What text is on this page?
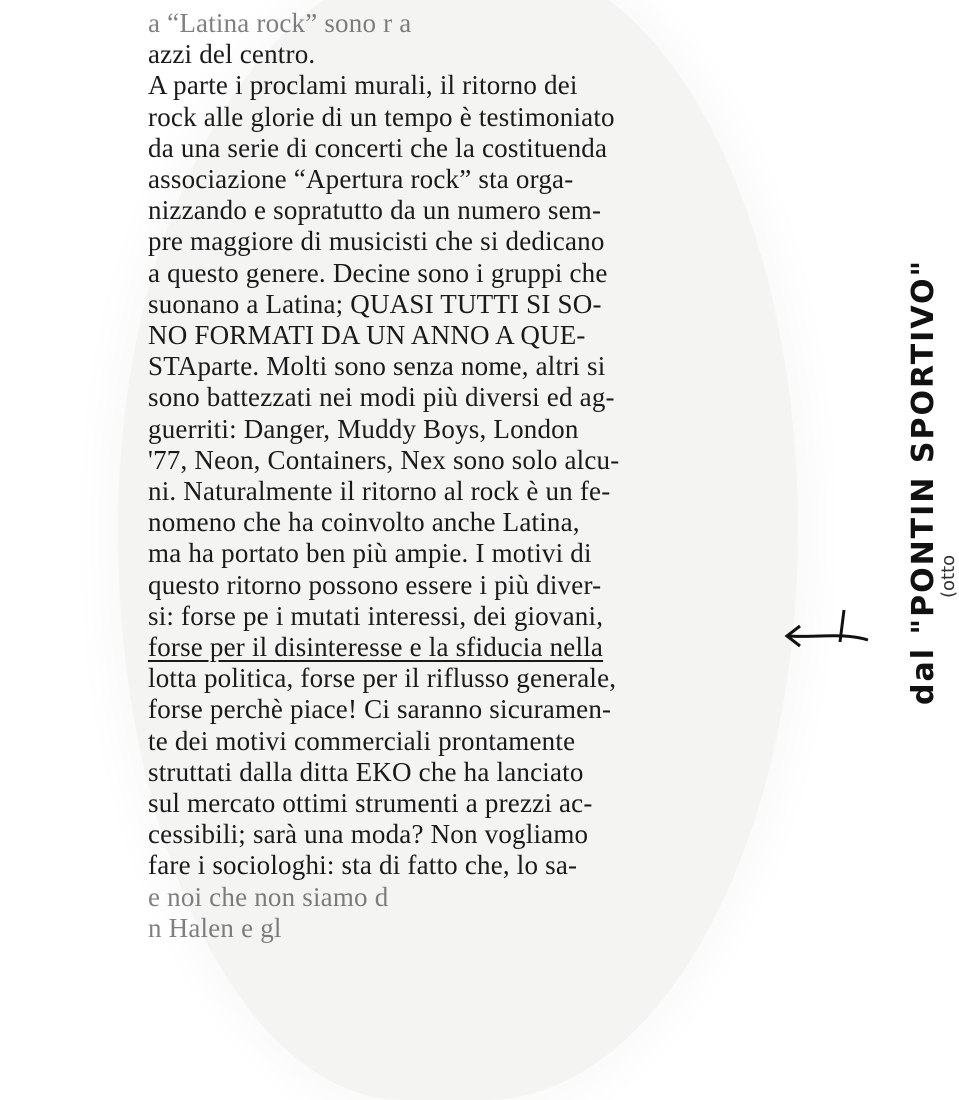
a “Latina rock” sono r a
azzi del centro.
A parte i proclami murali, il ritorno dei
rock alle glorie di un tempo è testimoniato
da una serie di concerti che la costituenda
associazione “Apertura rock” sta orga-
nizzando e sopratutto da un numero sem-
pre maggiore di musicisti che si dedicano
a questo genere. Decine sono i gruppi che
suonano a Latina; QUASI TUTTI SI SO-
NO FORMATI DA UN ANNO A QUE-
STAparte. Molti sono senza nome, altri si
sono battezzati nei modi più diversi ed ag-
guerriti: Danger, Muddy Boys, London
'77, Neon, Containers, Nex sono solo alcu-
ni. Naturalmente il ritorno al rock è un fe-
nomeno che ha coinvolto anche Latina,
ma ha portato ben più ampie. I motivi di
questo ritorno possono essere i più diver-
si: forse pe i mutati interessi, dei giovani,
forse per il disinteresse e la sfiducia nella
lotta politica, forse per il riflusso generale,
forse perchè piace! Ci saranno sicuramen-
te dei motivi commerciali prontamente
struttati dalla ditta EKO che ha lanciato
sul mercato ottimi strumenti a prezzi ac-
cessibili; sarà una moda? Non vogliamo
fare i sociologhi: sta di fatto che, lo sa-
e noi che non siamo d
n Halen e gl
dal "PONTIN SPORTIVO"
(otto
